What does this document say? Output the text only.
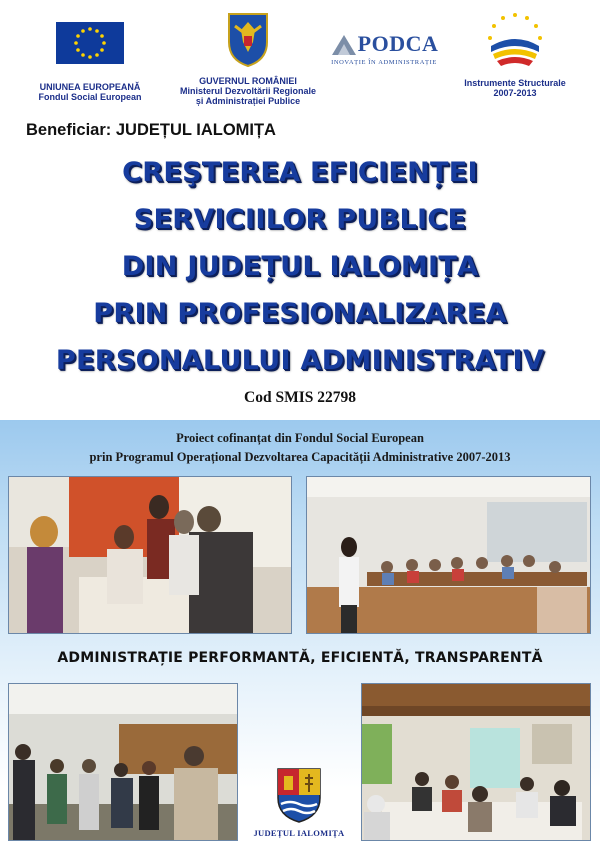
UNIUNEA EUROPEANĂ
Fondul Social European
GUVERNUL ROMÂNIEI
Ministerul Dezvoltării Regionale
și Administrației Publice
PODCA
INOVAȚIE ÎN ADMINISTRAȚIE
Instrumente Structurale
2007-2013
Beneficiar: JUDEȚUL IALOMIȚA
CREŞTEREA EFICIENȚEI
SERVICIILOR PUBLICE
DIN JUDEȚUL IALOMIȚA
PRIN PROFESIONALIZAREA
PERSONALULUI ADMINISTRATIV
Cod SMIS 22798
Proiect cofinanțat din Fondul Social European
prin Programul Operațional Dezvoltarea Capacității Administrative 2007-2013
ADMINISTRAȚIE PERFORMANTĂ, EFICIENTĂ, TRANSPARENTĂ
JUDEȚUL IALOMIȚA
